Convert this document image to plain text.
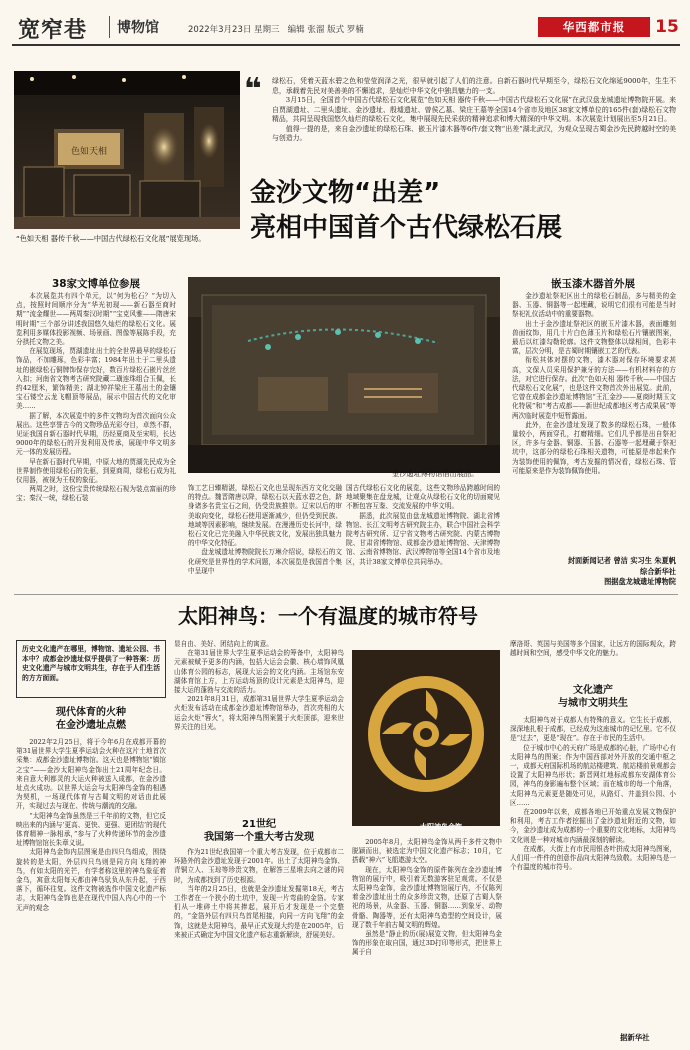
宽窄巷 博物馆	2022年3月23日 星期三 编辑 张溜 版式 罗楠	华西都市报	15
色如天相
“色如天相 器传千秋——中国古代绿松石文化展”展览现场。
❝ 绿松石，凭着天蓝水碧之色和莹莹润泽之光，很早就引起了人们的注意。自新石器时代早期至今，绿松石文化绵延9000年，生生不息，承载着先民对美善美的不懈追求，是灿烂中华文化中独具魅力的一支。

3月15日，全国首个中国古代绿松石文化展览“色如天相 器传千秋——中国古代绿松石文化展”在武汉盘龙城遗址博物院开展。来自贾湖遗址、二里头遗址、金沙遗址、殷墟遗址、曾侯乙墓、梁庄王墓等全国14个省市及地区38家文博单位的165件(套)绿松石文物精品，共同呈现我国悠久灿烂的绿松石文化，集中展现先民采获的精神追求和博大精深的中华文明。本次展览计划展出至5月21日。

值得一提的是，来自金沙遗址的绿松石珠、嵌玉片漆木器等6件/套文物“出差”湖北武汉，为观众呈现古蜀金沙先民跨越时空的美与创造力。

金沙文物“出差”
亮相中国首个古代绿松石展
38家文博单位参展

本次展览共有四个单元，以“何为松石？”为切入点，按照时间顺序分为“华光初现——新石器至商时期”“流金耀世——两周秦汉时期”“宝克风雅——隋唐宋明时期”三个部分讲述我国悠久灿烂的绿松石文化。展览利用多媒体投影视频、场景画、图像等展陈手段，充分拱托文物之美。

在展览现场，贾湖遗址出土的全世界最早的绿松石饰品，不加雕琢，色彩丰富；1984年出土于二里头遗址的嵌绿松石铜牌饰保存完好，数百片绿松石嵌片丝丝入扣；河南省文物考古研究院藏二璜连珠组合玉佩，长约42厘米，繁饰精美；湖北钟祥梁庄王墓出土的金镶宝石镂空云龙飞帽顶等展品，展示中国古代的文化审美……

据了解，本次展览中的多件文物均为首次面向公众展出。这些享誉古今的文物珍品光彩夺目，卓然不群，见证我国自新石器时代早期，历经夏商及至宋明，长达9000年的绿松石的开发利用及传承，展现中华文明多元一体的发展历程。

早在新石器时代早期，中原大地的贾湖先民成为全世界制作使用绿松石的先驱，到夏商周，绿松石成为礼仪用器，被视为王权的象征。

两周之时，这份宝贵传统绿松石视为装点富丽的珍宝；秦汉一统，绿松石装

金沙遗址博物馆借出展品。

饰工艺日臻精湛，绿松石文化也呈现东西方文化交融的特点。魏晋隋唐以降，绿松石以天蓝水碧之色，跻身诸多名贵宝石之间，仍受贵族推崇。辽宋以后的审美取向变化，绿松石使用逐渐减少，但仍受到民族、地域等因素影响，继续发展。在漫漫历史长河中，绿松石文化已完美融入中华民族文化，发展出独具魅力的中华文化特征。

盘龙城遗址博物院院长万琳介绍说，绿松石的文化研究是世界性的学术问题，本次展览是我国首个集中呈现中

国古代绿松石文化的展览，这些文物珍品跨越时间的地域聚集在盘龙城，让观众从绿松石文化的切面窥见不断包容互鉴、交流发展的中华文明。

据悉，此次展览由盘龙城遗址博物院、湖北省博物馆、长江文明考古研究院主办，联合中国社会科学院考古研究所、辽宁省文物考古研究院、内蒙古博物院、甘肃省博物馆、成都金沙遗址博物馆、天津博物馆、云南省博物馆、武汉博物馆等全国14个省市及地区，共计38家文博单位共同举办。

嵌玉漆木器首外展

金沙遗址祭祀区出土的绿松石制品，多与精美的金器、玉器、铜器等一起埋藏，说明它们很有可能是当时祭祀礼仪活动中的重要器物。

出土于金沙遗址祭祀区的嵌玉片漆木器，表面雕刻兽面纹饰，用几十片白色薄玉片和绿松石片镶嵌图案，最后以红漆勾勒轮廓。这件文物整体以绿相间，色彩丰富，层次分明，是古蜀时期镶嵌工艺的代表。

衔松其体对摆的文物，漆木器对保存环境要求甚高，文保人员采用保护兼牙的方法——有机材料存的方法，对它进行保存。此次“色如天相 器传千秋——中国古代绿松石文化展”，也是这件文物首次外出展览。此前，它曾在成都金沙遗址博物馆“王汇金沙——夏商时期玉文化特展”和“考古成都——新世纪成都地区考古成果展”等两次临时展览中短暂露面。

此外，在金沙遗址发现了数多的绿松石珠，一般体量较小，两面穿孔，打磨精细。它们几乎都是出自祭祀区，许多与金器、铜器、玉器、石器等一起埋藏于祭祀坑中，这部分的绿松石珠相关遗物，可能原是串起来作为装饰使用的佩饰，考古发掘的情况看，绿松石珠、管可能原来是作为装饰佩饰使用。

封面新闻记者 曾洁 实习生 朱夏帆
综合新华社
图据盘龙城遗址博物院
太阳神鸟：一个有温度的城市符号
历史文化遗产在哪里，博物馆、遗址公园、书本中？成都金沙遗址似乎提供了一种答案：历史文化遗产与城市文明共生，存在于人们生活的方方面面。
现代体育的火种
在金沙遗址点燃

2022年2月25日，将于今年6月在成都开幕的第31届世界大学生夏季运动会火种在这片土地首次采集：成都金沙遗址博物馆。这天也是博物馆“镇馆之宝”——金沙太阳神鸟金饰出土21周年纪念日。来自意大利都灵的大运火种被送入成都，在金沙遗址点火成功。以世界大运会与太阳神鸟金饰的相遇为契机，一场现代体育与古蜀文明的对话由此展开，实现过去与现在、传统与潮流的交融。

“太阳神鸟金饰虽然是三千年前的文物，但它反映出来的内涵与‘更高、更快、更强、更团结’的现代体育精神一脉相承，”参与了火种传递环节的金沙遗址博物馆馆长朱章义说。

太阳神鸟金饰内层图案是由四只鸟组成，围绕旋转的是太阳，外层四只鸟则是同方向飞翔的神鸟，有如太阳的光芒，有学者称这里的神鸟象征着金乌，寓意太阳每天都由神鸟驮负从东升起，于西落下，循环往复。这件文物被选作中国文化遗产标志，太阳神鸟金饰也是在现代中国人内心中的一个无声的观念

显自由、美好、团结向上的寓意。

在第31届世界大学生夏季运动会的筹备中，太阳神鸟元素被赋予更多的内涵，包括大运会会徽、核心墙饰风凰山体育公园的标志，展现大运会的文化内涵。主场馆东安湖体育馆上方，上方运动场顶的设计元素是太阳神鸟，迎接大运的蓬勃与交流的活力。

2021年8月31日，成都第31届世界大学生夏季运动会火炬发布活动在成都金沙遗址博物馆举办，首次亮相的大运会火炬“蓉火”，将太阳神鸟图案置于火炬顶部，迎来世界关注的目光。

21世纪
我国第一个重大考古发现

作为21世纪我国第一个重大考古发现，位于成都市二环路外的金沙遗址发现于2001年。出土了太阳神鸟金饰、青铜立人、玉琮等珍贵文物，在解答三星堆去向之谜的同时，为成都找到了历史根源。

当年的2月25日，也就是金沙遗址发掘第18天，考古工作者在一个狭小的土坑中，发现一片弯曲的金箔。专家们从一堆碎土中将其捧起，展开后才发现是一个完整的，“金箔外层有四只鸟首尾相接，向同一方向飞翔”的金饰，这就是太阳神鸟，最早正式发现大约是在2005年，后来被正式确定为中国文化遗产标志重新解读，舒展美好。

太阳神鸟金饰。

2005年8月，太阳神鸟金饰从两千多件文物中脱颖而出，被选定为中国文化遗产标志；10月，它搭载“神六”飞船遨游太空。

现在，太阳神鸟金饰的原件陈列在金沙遗址博物馆的展厅中，吸引着无数游客驻足观赏。不仅是太阳神鸟金饰，金沙遗址博物馆展厅内，不仅陈列着金沙遗址出土的众多珍贵文物，还原了古蜀人祭祀的场景，从金器、玉器、铜器……到象牙、动物骨骼、陶器等，还有太阳神鸟造型的空间设计，展现了数千年前古蜀文明的辉煌。

虽然是“静止的历(展)展览文物，但太阳神鸟金饰的形象在取自国，通过3D打印等形式，把世界上属于自

摩洛哥、英国与美国等多个国家，让远方的国际观众，跨越时间和空间，感受中华文化的魅力。

文化遗产
与城市文明共生

太阳神鸟对于成都人有特殊的意义。它生长于成都，深深地扎根于成都，已经成为这座城市的记忆里。它不仅是“过去”，更是“现在”。存在于市民的生活中。

位于城市中心的天府广场是成都的心脏，广场中心有太阳神鸟的图案；作为中国西部对外开放的交通中枢之一，成都天府国际机场的航站楼建筑、航站楼前景观都会设置了太阳神鸟形状；新晋网红地标成都东安湖体育公园，神鸟的身影遍布整个区域；而在城市的每一个角落，太阳神鸟元素更是随处可见，从路灯、井盖到公园、小区……

在2009年以来，成都各地已开始重点发展文物保护和利用，考古工作者挖掘出了金沙遗址附近的文物，如今，金沙遗址成为成都的一个重要的文化地标，太阳神鸟文化则是一种对城市内涵最深刻的解读。

在成都，大街上有市民用银杏叶拼成太阳神鸟图案，人们用一件件的创意作品向太阳神鸟致敬。太阳神鸟是一个有温度的城市符号。

据新华社
